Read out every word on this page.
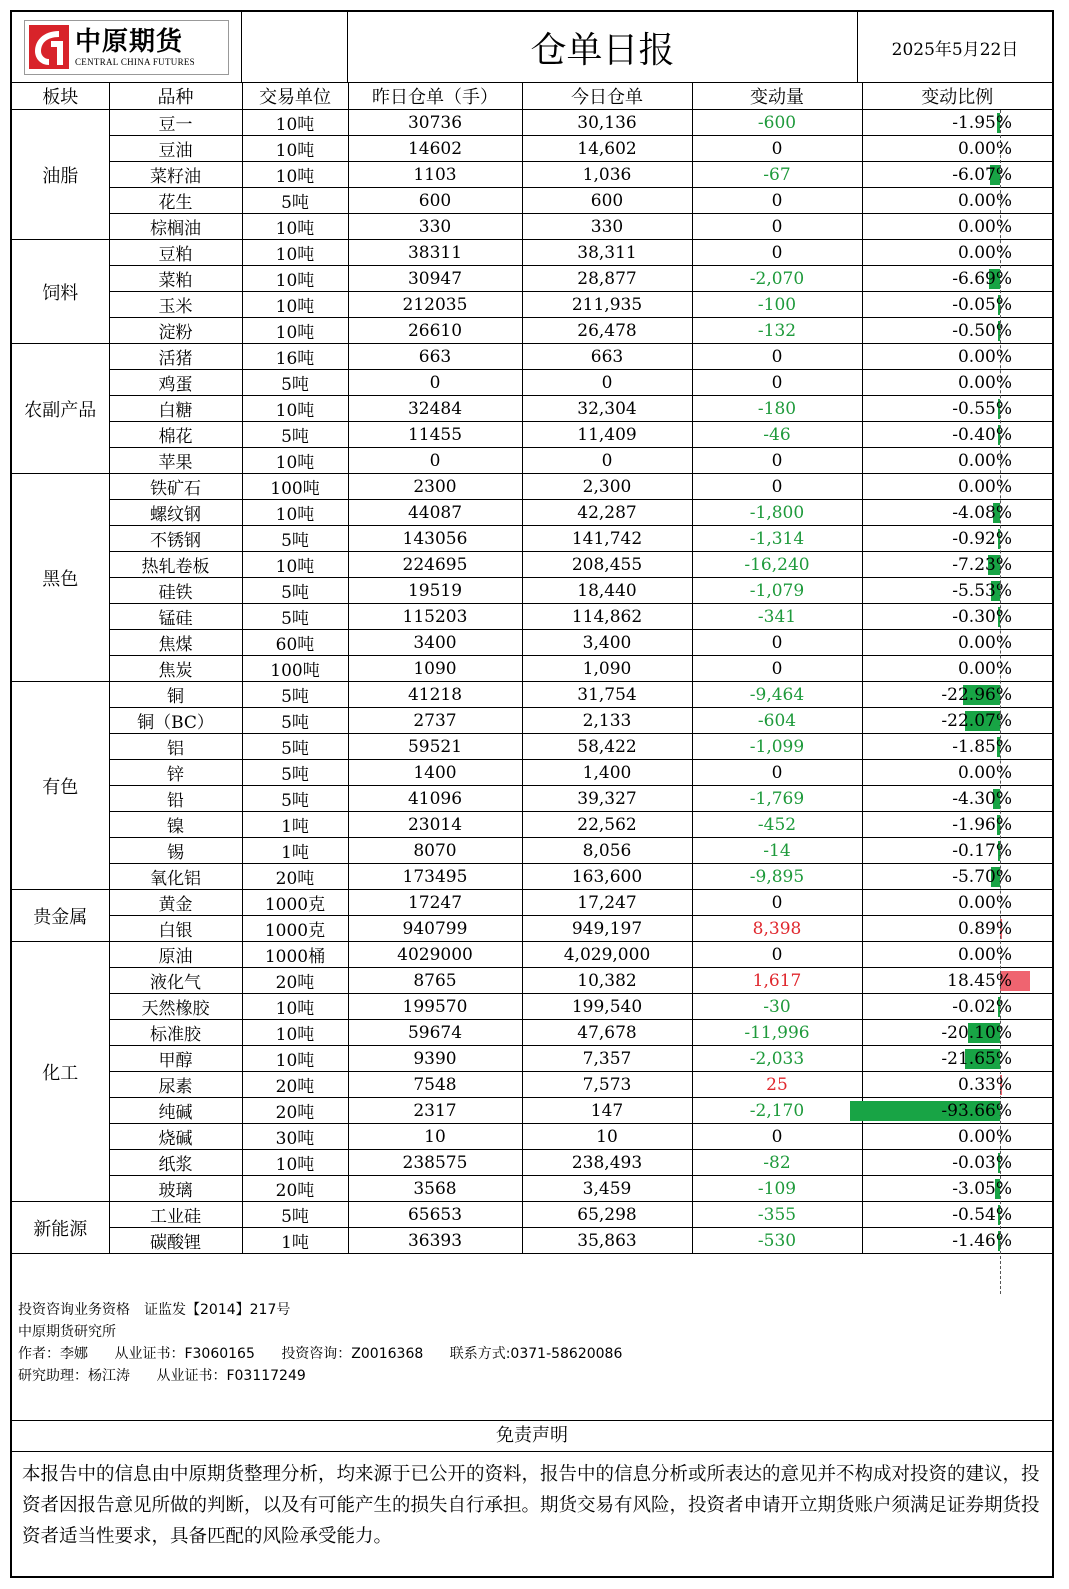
中原期货
CENTRAL CHINA FUTURES	仓单日报	2025年5月22日
板块	品种	交易单位	昨日仓单（手）	今日仓单	变动量	变动比例
油脂	豆一	10吨	30736	30,136	-600	-1.95%
	豆油	10吨	14602	14,602	0	0.00%
	菜籽油	10吨	1103	1,036	-67	-6.07%
	花生	5吨	600	600	0	0.00%
	棕榈油	10吨	330	330	0	0.00%
饲料	豆粕	10吨	38311	38,311	0	0.00%
	菜粕	10吨	30947	28,877	-2,070	-6.69%
	玉米	10吨	212035	211,935	-100	-0.05%
	淀粉	10吨	26610	26,478	-132	-0.50%
农副产品	活猪	16吨	663	663	0	0.00%
	鸡蛋	5吨	0	0	0	0.00%
	白糖	10吨	32484	32,304	-180	-0.55%
	棉花	5吨	11455	11,409	-46	-0.40%
	苹果	10吨	0	0	0	0.00%
黑色	铁矿石	100吨	2300	2,300	0	0.00%
	螺纹钢	10吨	44087	42,287	-1,800	-4.08%
	不锈钢	5吨	143056	141,742	-1,314	-0.92%
	热轧卷板	10吨	224695	208,455	-16,240	-7.23%
	硅铁	5吨	19519	18,440	-1,079	-5.53%
	锰硅	5吨	115203	114,862	-341	-0.30%
	焦煤	60吨	3400	3,400	0	0.00%
	焦炭	100吨	1090	1,090	0	0.00%
有色	铜	5吨	41218	31,754	-9,464	-22.96%
	铜（BC）	5吨	2737	2,133	-604	-22.07%
	铝	5吨	59521	58,422	-1,099	-1.85%
	锌	5吨	1400	1,400	0	0.00%
	铅	5吨	41096	39,327	-1,769	-4.30%
	镍	1吨	23014	22,562	-452	-1.96%
	锡	1吨	8070	8,056	-14	-0.17%
	氧化铝	20吨	173495	163,600	-9,895	-5.70%
贵金属	黄金	1000克	17247	17,247	0	0.00%
	白银	1000克	940799	949,197	8,398	0.89%
化工	原油	1000桶	4029000	4,029,000	0	0.00%
	液化气	20吨	8765	10,382	1,617	18.45%
	天然橡胶	10吨	199570	199,540	-30	-0.02%
	标准胶	10吨	59674	47,678	-11,996	-20.10%
	甲醇	10吨	9390	7,357	-2,033	-21.65%
	尿素	20吨	7548	7,573	25	0.33%
	纯碱	20吨	2317	147	-2,170	-93.66%
	烧碱	30吨	10	10	0	0.00%
	纸浆	10吨	238575	238,493	-82	-0.03%
	玻璃	20吨	3568	3,459	-109	-3.05%
新能源	工业硅	5吨	65653	65,298	-355	-0.54%
	碳酸锂	1吨	36393	35,863	-530	-1.46%
投资咨询业务资格　证监发【2014】217号
中原期货研究所
作者：李娜 从业证书：F3060165 投资咨询：Z0016368 联系方式:0371-58620086
研究助理：杨江涛 从业证书：F03117249
免责声明
本报告中的信息由中原期货整理分析，均来源于已公开的资料，报告中的信息分析或所表达的意见并不构成对投资的建议，投资者因报告意见所做的判断，以及有可能产生的损失自行承担。期货交易有风险，投资者申请开立期货账户须满足证券期货投资者适当性要求，具备匹配的风险承受能力。
